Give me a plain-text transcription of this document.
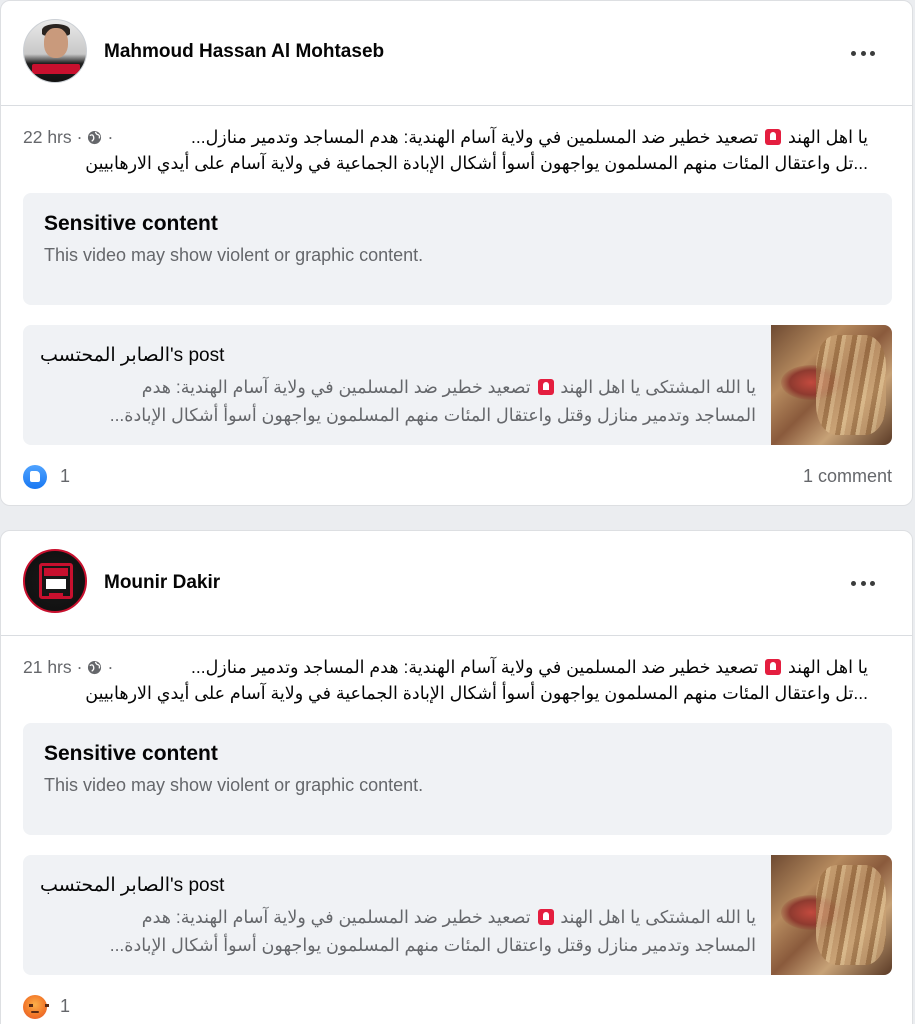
Mahmoud Hassan Al Mohtaseb
22 hrs · ·	يا اهل الهند  تصعيد خطير ضد المسلمين في ولاية آسام الهندية: هدم المساجد وتدمير منازل...
...تل واعتقال المئات منهم المسلمون يواجهون أسوأ أشكال الإبادة الجماعية في ولاية آسام على أيدي الارهابيين
Sensitive content
This video may show violent or graphic content.
الصابر المحتسب's post
يا الله المشتكى يا اهل الهند  تصعيد خطير ضد المسلمين في ولاية آسام الهندية: هدم
المساجد وتدمير منازل وقتل واعتقال المئات منهم المسلمون يواجهون أسوأ أشكال الإبادة...
1	1 comment
Mounir Dakir
21 hrs · ·	يا اهل الهند  تصعيد خطير ضد المسلمين في ولاية آسام الهندية: هدم المساجد وتدمير منازل...
...تل واعتقال المئات منهم المسلمون يواجهون أسوأ أشكال الإبادة الجماعية في ولاية آسام على أيدي الارهابيين
Sensitive content
This video may show violent or graphic content.
الصابر المحتسب's post
يا الله المشتكى يا اهل الهند  تصعيد خطير ضد المسلمين في ولاية آسام الهندية: هدم
المساجد وتدمير منازل وقتل واعتقال المئات منهم المسلمون يواجهون أسوأ أشكال الإبادة...
1
